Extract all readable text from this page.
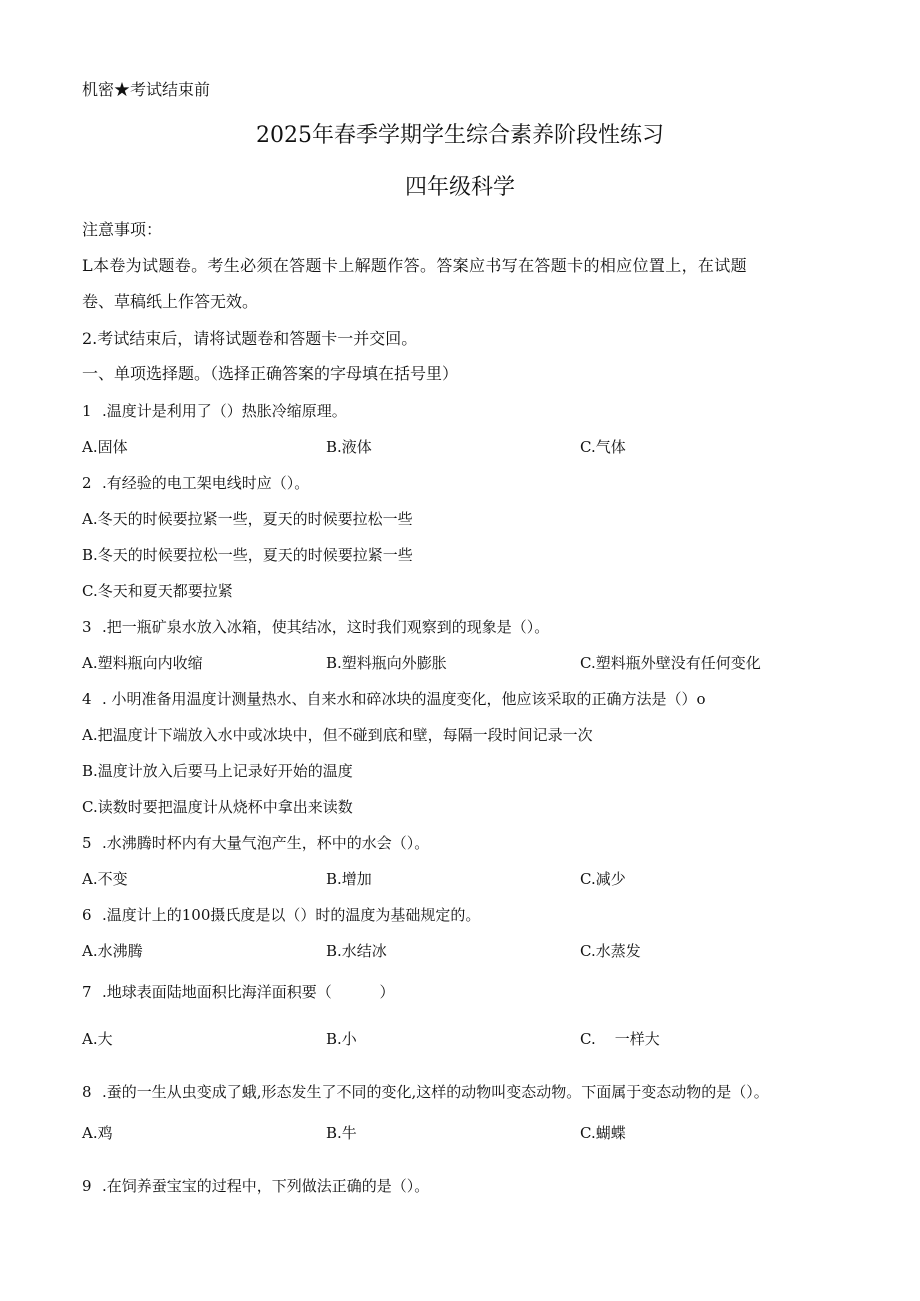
机密★考试结束前
2025年春季学期学生综合素养阶段性练习
四年级科学
注意事项：
L本卷为试题卷。考生必须在答题卡上解题作答。答案应书写在答题卡的相应位置上，在试题
卷、草稿纸上作答无效。
2.考试结束后，请将试题卷和答题卡一并交回。
一、单项选择题。（选择正确答案的字母填在括号里）
1 .温度计是利用了（）热胀冷缩原理。
A.固体	B.液体	C.气体
2 .有经验的电工架电线时应（）。
A.冬天的时候要拉紧一些，夏天的时候要拉松一些
B.冬天的时候要拉松一些，夏天的时候要拉紧一些
C.冬天和夏天都要拉紧
3 .把一瓶矿泉水放入冰箱，使其结冰，这时我们观察到的现象是（）。
A.塑料瓶向内收缩	B.塑料瓶向外膨胀	C.塑料瓶外壁没有任何变化
4 . 小明准备用温度计测量热水、自来水和碎冰块的温度变化，他应该采取的正确方法是（）o
A.把温度计下端放入水中或冰块中，但不碰到底和壁，每隔一段时间记录一次
B.温度计放入后要马上记录好开始的温度
C.读数时要把温度计从烧杯中拿出来读数
5 .水沸腾时杯内有大量气泡产生，杯中的水会（）。
A.不变	B.增加	C.减少
6 .温度计上的100摄氏度是以（）时的温度为基础规定的。
A.水沸腾	B.水结冰	C.水蒸发
7 .地球表面陆地面积比海洋面积要（          ）
A.大	B.小	C.    一样大
8 .蚕的一生从虫变成了蛾,形态发生了不同的变化,这样的动物叫变态动物。下面属于变态动物的是（）。
A.鸡	B.牛	C.蝴蝶
9 .在饲养蚕宝宝的过程中，下列做法正确的是（）。
